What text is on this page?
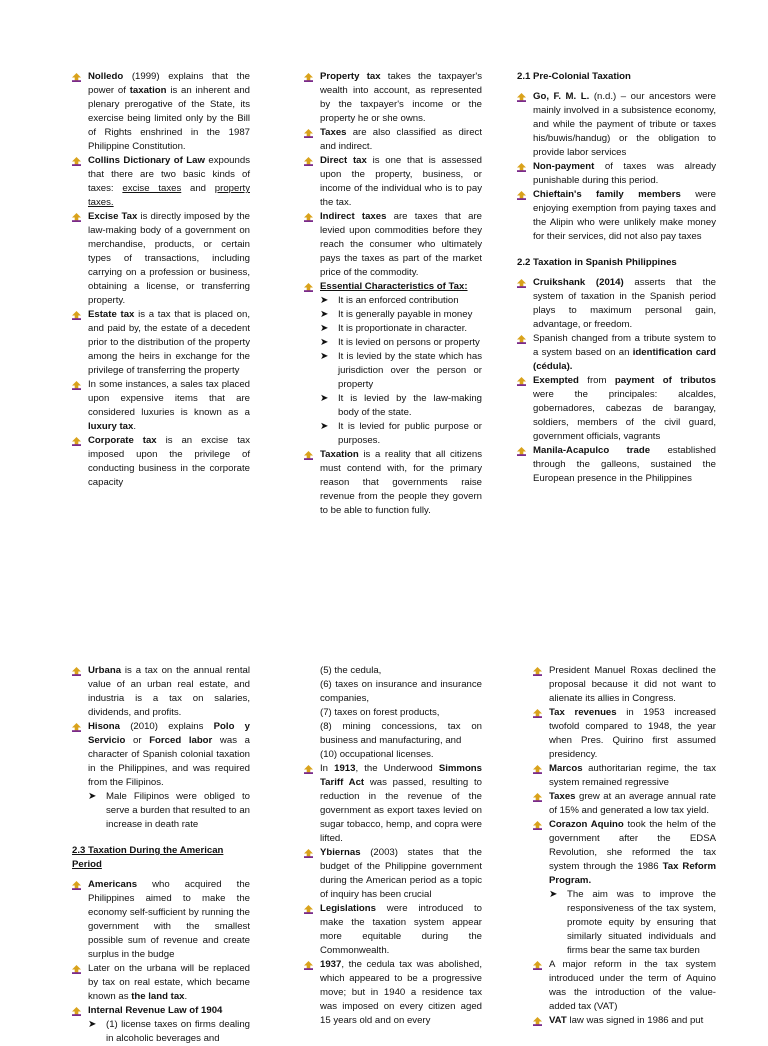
Nolledo (1999) explains that the power of taxation is an inherent and plenary prerogative of the State, its exercise being limited only by the Bill of Rights enshrined in the 1987 Philippine Constitution.

Collins Dictionary of Law expounds that there are two basic kinds of taxes: excise taxes and property taxes.

Excise Tax is directly imposed by the law-making body of a government on merchandise, products, or certain types of transactions, including carrying on a profession or business, obtaining a license, or transferring property.

Estate tax is a tax that is placed on, and paid by, the estate of a decedent prior to the distribution of the property among the heirs in exchange for the privilege of transferring the property

In some instances, a sales tax placed upon expensive items that are considered luxuries is known as a luxury tax.

Corporate tax is an excise tax imposed upon the privilege of conducting business in the corporate capacity

Property tax takes the taxpayer's wealth into account, as represented by the taxpayer's income or the property he or she owns.

Taxes are also classified as direct and indirect.

Direct tax is one that is assessed upon the property, business, or income of the individual who is to pay the tax.

Indirect taxes are taxes that are levied upon commodities before they reach the consumer who ultimately pays the taxes as part of the market price of the commodity.

Essential Characteristics of Tax:

➤ It is an enforced contribution

➤ It is generally payable in money

➤ It is proportionate in character.

➤ It is levied on persons or property

➤ It is levied by the state which has jurisdiction over the person or property

➤ It is levied by the law-making body of the state.

➤ It is levied for public purpose or purposes.

Taxation is a reality that all citizens must contend with, for the primary reason that governments raise revenue from the people they govern to be able to function fully.

2.1 Pre-Colonial Taxation

Go, F. M. L. (n.d.) – our ancestors were mainly involved in a subsistence economy, and while the payment of tribute or taxes his/buwis/handug) or the obligation to provide labor services

Non-payment of taxes was already punishable during this period.

Chieftain's family members were enjoying exemption from paying taxes and the Alipin who were unlikely make money for their services, did not also pay taxes

2.2 Taxation in Spanish Philippines

Cruikshank (2014) asserts that the system of taxation in the Spanish period plays to maximum personal gain, advantage, or freedom.

Spanish changed from a tribute system to a system based on an identification card (cédula).

Exempted from payment of tributos were the principales: alcaldes, gobernadores, cabezas de barangay, soldiers, members of the civil guard, government officials, vagrants

Manila-Acapulco trade established through the galleons, sustained the European presence in the Philippines

Urbana is a tax on the annual rental value of an urban real estate, and industria is a tax on salaries, dividends, and profits.

Hisona (2010) explains Polo y Servicio or Forced labor was a character of Spanish colonial taxation in the Philippines, and was required from the Filipinos.

➤ Male Filipinos were obliged to serve a burden that resulted to an increase in death rate

2.3 Taxation During the American Period

Americans who acquired the Philippines aimed to make the economy self-sufficient by running the government with the smallest possible sum of revenue and create surplus in the budge

Later on the urbana will be replaced by tax on real estate, which became known as the land tax.

Internal Revenue Law of 1904

➤ (1) license taxes on firms dealing in alcoholic beverages and

(5) the cedula,

(6) taxes on insurance and insurance companies,

(7) taxes on forest products,

(8) mining concessions, tax on business and manufacturing, and

(10) occupational licenses.

In 1913, the Underwood Simmons Tariff Act was passed, resulting to reduction in the revenue of the government as export taxes levied on sugar tobacco, hemp, and copra were lifted.

Ybiernas (2003) states that the budget of the Philippine government during the American period as a topic of inquiry has been crucial

Legislations were introduced to make the taxation system appear more equitable during the Commonwealth.

1937, the cedula tax was abolished, which appeared to be a progressive move; but in 1940 a residence tax was imposed on every citizen aged 15 years old and on every

President Manuel Roxas declined the proposal because it did not want to alienate its allies in Congress.

Tax revenues in 1953 increased twofold compared to 1948, the year when Pres. Quirino first assumed presidency.

Marcos authoritarian regime, the tax system remained regressive

Taxes grew at an average annual rate of 15% and generated a low tax yield.

Corazon Aquino took the helm of the government after the EDSA Revolution, she reformed the tax system through the 1986 Tax Reform Program.

➤ The aim was to improve the responsiveness of the tax system, promote equity by ensuring that similarly situated individuals and firms bear the same tax burden

A major reform in the tax system introduced under the term of Aquino was the introduction of the value-added tax (VAT)

VAT law was signed in 1986 and put
